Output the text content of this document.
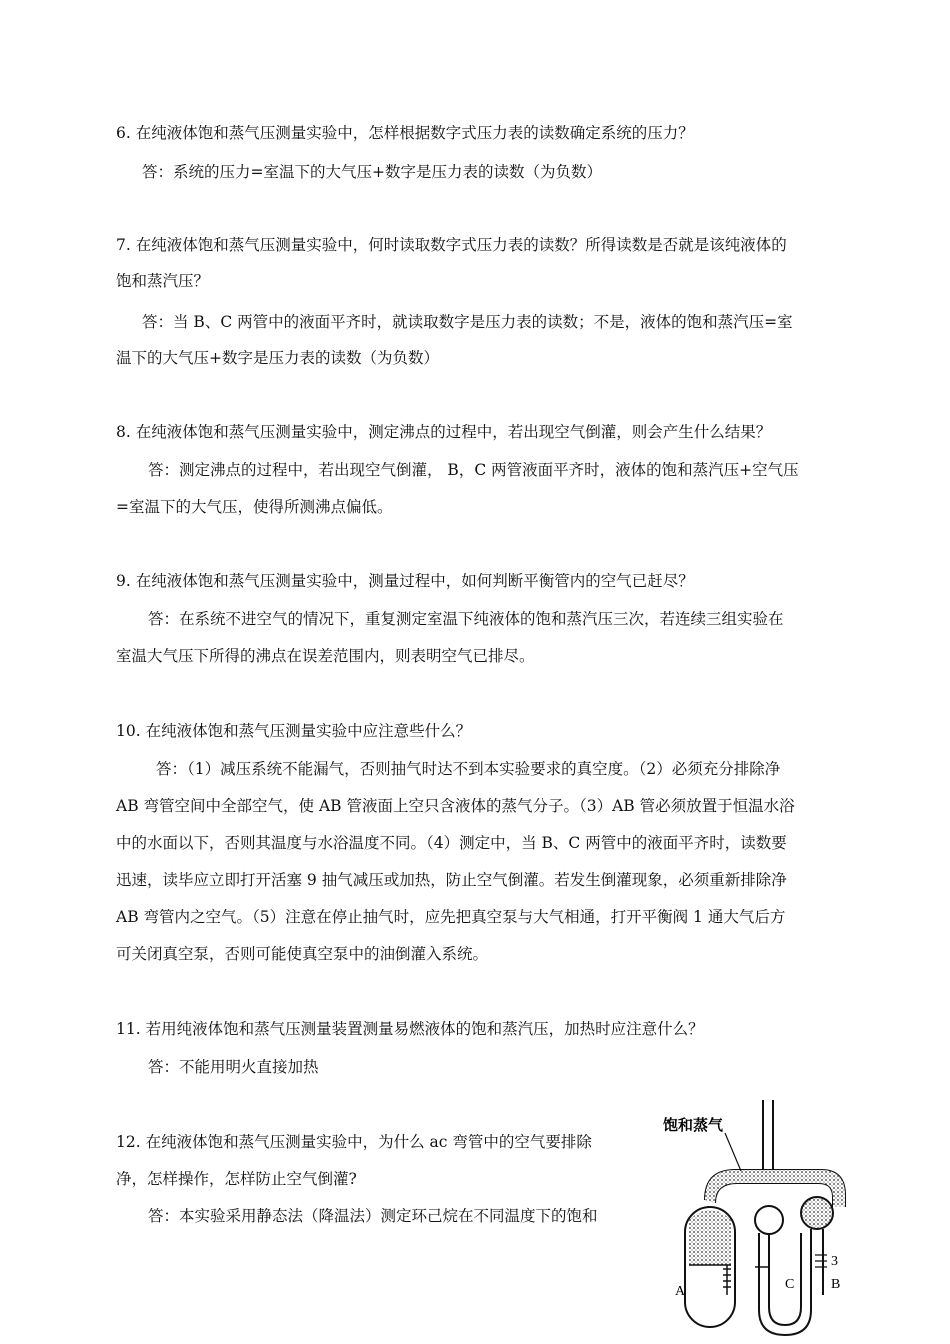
6. 在纯液体饱和蒸气压测量实验中，怎样根据数字式压力表的读数确定系统的压力？
答：系统的压力=室温下的大气压+数字是压力表的读数（为负数）
7. 在纯液体饱和蒸气压测量实验中，何时读取数字式压力表的读数？所得读数是否就是该纯液体的
饱和蒸汽压？
答：当 B、C 两管中的液面平齐时，就读取数字是压力表的读数；不是，液体的饱和蒸汽压=室
温下的大气压+数字是压力表的读数（为负数）
8. 在纯液体饱和蒸气压测量实验中，测定沸点的过程中，若出现空气倒灌，则会产生什么结果？
答：测定沸点的过程中，若出现空气倒灌， B，C 两管液面平齐时，液体的饱和蒸汽压+空气压
=室温下的大气压，使得所测沸点偏低。
9. 在纯液体饱和蒸气压测量实验中，测量过程中，如何判断平衡管内的空气已赶尽？
答：在系统不进空气的情况下，重复测定室温下纯液体的饱和蒸汽压三次，若连续三组实验在
室温大气压下所得的沸点在误差范围内，则表明空气已排尽。
10. 在纯液体饱和蒸气压测量实验中应注意些什么？
答：（1）减压系统不能漏气，否则抽气时达不到本实验要求的真空度。（2）必须充分排除净
AB 弯管空间中全部空气，使 AB 管液面上空只含液体的蒸气分子。（3）AB 管必须放置于恒温水浴
中的水面以下，否则其温度与水浴温度不同。（4）测定中，当 B、C 两管中的液面平齐时，读数要
迅速，读毕应立即打开活塞 9 抽气减压或加热，防止空气倒灌。若发生倒灌现象，必须重新排除净
AB 弯管内之空气。（5）注意在停止抽气时，应先把真空泵与大气相通，打开平衡阀 1 通大气后方
可关闭真空泵，否则可能使真空泵中的油倒灌入系统。
11. 若用纯液体饱和蒸气压测量装置测量易燃液体的饱和蒸汽压，加热时应注意什么？
答：不能用明火直接加热
12. 在纯液体饱和蒸气压测量实验中，为什么 ac 弯管中的空气要排除
净，怎样操作，怎样防止空气倒灌?
答：本实验采用静态法（降温法）测定环己烷在不同温度下的饱和
饱和蒸气
A	B
C
3
